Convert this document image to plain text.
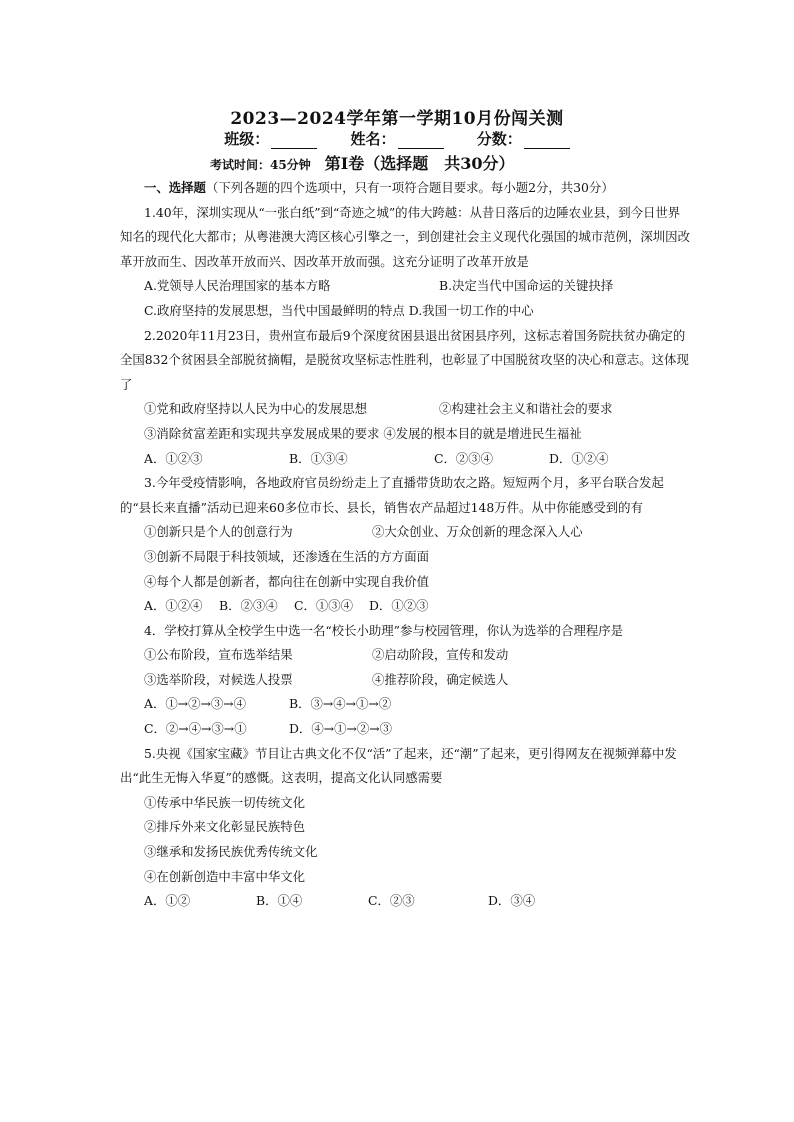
2023—2024学年第一学期10月份闯关测
班级：	姓名：	分数：
考试时间：45分钟 第Ⅰ卷（选择题　共30分）
一、选择题（下列各题的四个选项中，只有一项符合题目要求。每小题2分，共30分）
1.40年，深圳实现从“一张白纸”到“奇迹之城”的伟大跨越：从昔日落后的边陲农业县，到今日世界知名的现代化大都市；从粤港澳大湾区核心引擎之一，到创建社会主义现代化强国的城市范例，深圳因改革开放而生、因改革开放而兴、因改革开放而强。这充分证明了改革开放是
A.党领导人民治理国家的基本方略	B.决定当代中国命运的关键抉择
C.政府坚持的发展思想，当代中国最鲜明的特点 D.我国一切工作的中心
2.2020年11月23日，贵州宣布最后9个深度贫困县退出贫困县序列，这标志着国务院扶贫办确定的全国832个贫困县全部脱贫摘帽，是脱贫攻坚标志性胜利，也彰显了中国脱贫攻坚的决心和意志。这体现了
①党和政府坚持以人民为中心的发展思想	②构建社会主义和谐社会的要求
③消除贫富差距和实现共享发展成果的要求 ④发展的根本目的就是增进民生福祉
A．①②③	B．①③④	C．②③④	D．①②④
3.今年受疫情影响，各地政府官员纷纷走上了直播带货助农之路。短短两个月，多平台联合发起的“县长来直播”活动已迎来60多位市长、县长，销售农产品超过148万件。从中你能感受到的有
①创新只是个人的创意行为	②大众创业、万众创新的理念深入人心
③创新不局限于科技领域，还渗透在生活的方方面面
④每个人都是创新者，都向往在创新中实现自我价值
A．①②④ B．②③④ C．①③④ D．①②③
4．学校打算从全校学生中选一名“校长小助理”参与校园管理，你认为选举的合理程序是
①公布阶段，宣布选举结果	②启动阶段，宣传和发动
③选举阶段，对候选人投票	④推荐阶段，确定候选人
A．①→②→③→④	B．③→④→①→②
C．②→④→③→①	D．④→①→②→③
5.央视《国家宝藏》节目让古典文化不仅“活”了起来，还“潮”了起来，更引得网友在视频弹幕中发出“此生无悔入华夏”的感慨。这表明，提高文化认同感需要
①传承中华民族一切传统文化
②排斥外来文化彰显民族特色
③继承和发扬民族优秀传统文化
④在创新创造中丰富中华文化
A．①②	B．①④	C．②③	D．③④
